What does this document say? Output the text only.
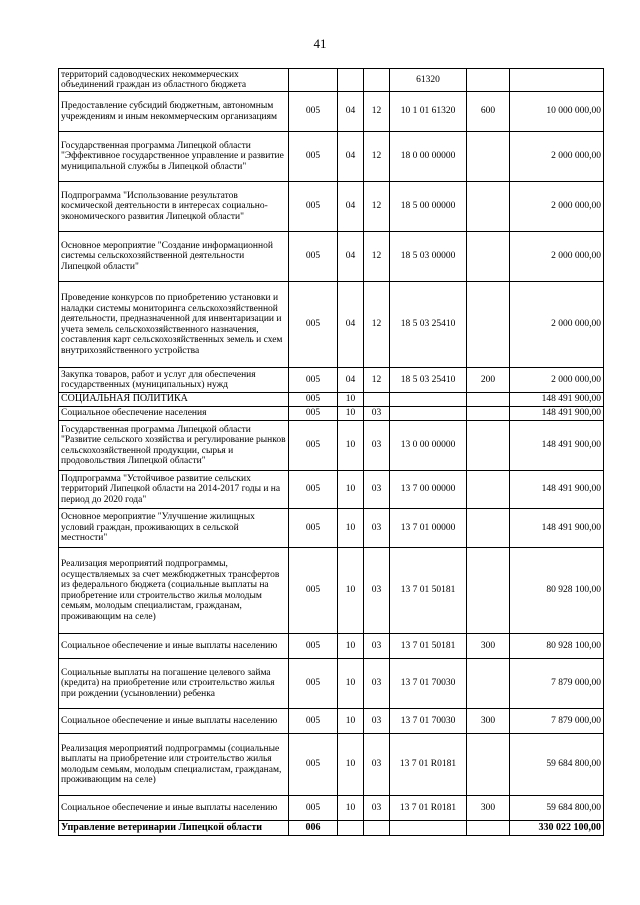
41
территорий садоводческих некоммерческих объединений граждан из областного бюджета				61320		
Предоставление субсидий бюджетным, автономным учреждениям и иным некоммерческим организациям	005	04	12	10 1 01 61320	600	10 000 000,00
Государственная программа Липецкой области "Эффективное государственное управление и развитие муниципальной службы в Липецкой области"	005	04	12	18 0 00 00000		2 000 000,00
Подпрограмма "Использование результатов космической деятельности в интересах социально-экономического развития Липецкой области"	005	04	12	18 5 00 00000		2 000 000,00
Основное мероприятие "Создание информационной системы сельскохозяйственной деятельности Липецкой области"	005	04	12	18 5 03 00000		2 000 000,00
Проведение конкурсов по приобретению установки и наладки системы мониторинга сельскохозяйственной деятельности, предназначенной для инвентаризации и учета земель сельскохозяйственного назначения, составления карт сельскохозяйственных земель и схем внутрихозяйственного устройства	005	04	12	18 5 03 25410		2 000 000,00
Закупка товаров, работ и услуг для обеспечения государственных (муниципальных) нужд	005	04	12	18 5 03 25410	200	2 000 000,00
СОЦИАЛЬНАЯ ПОЛИТИКА	005	10				148 491 900,00
Социальное обеспечение населения	005	10	03			148 491 900,00
Государственная программа Липецкой области "Развитие сельского хозяйства и регулирование рынков сельскохозяйственной продукции, сырья и продовольствия Липецкой области"	005	10	03	13 0 00 00000		148 491 900,00
Подпрограмма "Устойчивое развитие сельских территорий Липецкой области на 2014-2017 годы и на период до 2020 года"	005	10	03	13 7 00 00000		148 491 900,00
Основное мероприятие "Улучшение жилищных условий граждан, проживающих в сельской местности"	005	10	03	13 7 01 00000		148 491 900,00
Реализация мероприятий подпрограммы, осуществляемых за счет межбюджетных трансфертов из федерального бюджета (социальные выплаты на приобретение или строительство жилья молодым семьям, молодым специалистам, гражданам, проживающим на селе)	005	10	03	13 7 01 50181		80 928 100,00
Социальное обеспечение и иные выплаты населению	005	10	03	13 7 01 50181	300	80 928 100,00
Социальные выплаты на погашение целевого займа (кредита) на приобретение или строительство жилья при рождении (усыновлении) ребенка	005	10	03	13 7 01 70030		7 879 000,00
Социальное обеспечение и иные выплаты населению	005	10	03	13 7 01 70030	300	7 879 000,00
Реализация мероприятий подпрограммы (социальные выплаты на приобретение или строительство жилья молодым семьям, молодым специалистам, гражданам, проживающим на селе)	005	10	03	13 7 01 R0181		59 684 800,00
Социальное обеспечение и иные выплаты населению	005	10	03	13 7 01 R0181	300	59 684 800,00
Управление ветеринарии Липецкой области	006					330 022 100,00
